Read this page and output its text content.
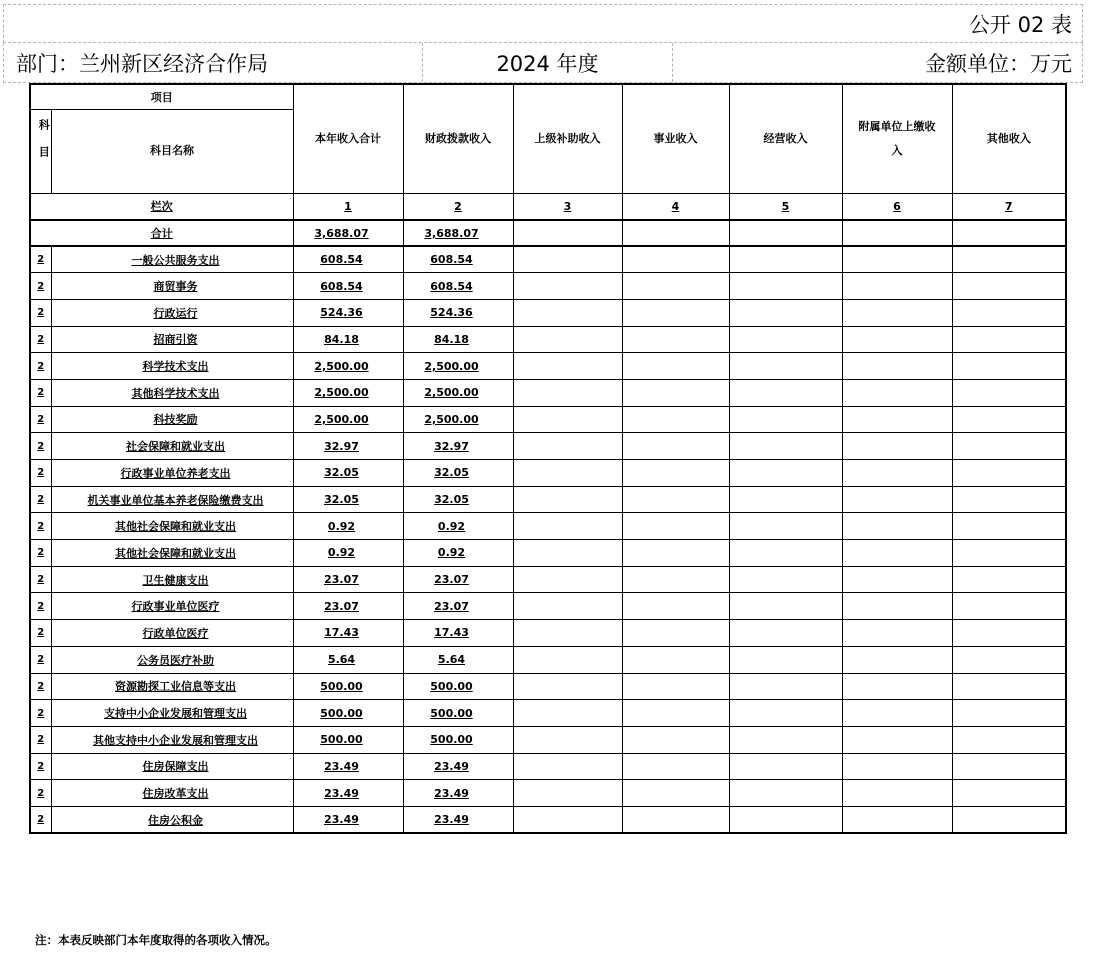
公开 02 表
部门：兰州新区经济合作局	2024 年度	金额单位：万元
项目		本年收入合计	财政拨款收入	上级补助收入	事业收入	经营收入	附属单位上缴收入	其他收入
科目	科目名称							
栏次		1	2	3	4	5	6	7
合计		3,688.07	3,688.07					
2	一般公共服务支出	608.54	608.54					
2	商贸事务	608.54	608.54					
2	行政运行	524.36	524.36					
2	招商引资	84.18	84.18					
2	科学技术支出	2,500.00	2,500.00					
2	其他科学技术支出	2,500.00	2,500.00					
2	科技奖励	2,500.00	2,500.00					
2	社会保障和就业支出	32.97	32.97					
2	行政事业单位养老支出	32.05	32.05					
2	机关事业单位基本养老保险缴费支出	32.05	32.05					
2	其他社会保障和就业支出	0.92	0.92					
2	其他社会保障和就业支出	0.92	0.92					
2	卫生健康支出	23.07	23.07					
2	行政事业单位医疗	23.07	23.07					
2	行政单位医疗	17.43	17.43					
2	公务员医疗补助	5.64	5.64					
2	资源勘探工业信息等支出	500.00	500.00					
2	支持中小企业发展和管理支出	500.00	500.00					
2	其他支持中小企业发展和管理支出	500.00	500.00					
2	住房保障支出	23.49	23.49					
2	住房改革支出	23.49	23.49					
2	住房公积金	23.49	23.49					
注：本表反映部门本年度取得的各项收入情况。
